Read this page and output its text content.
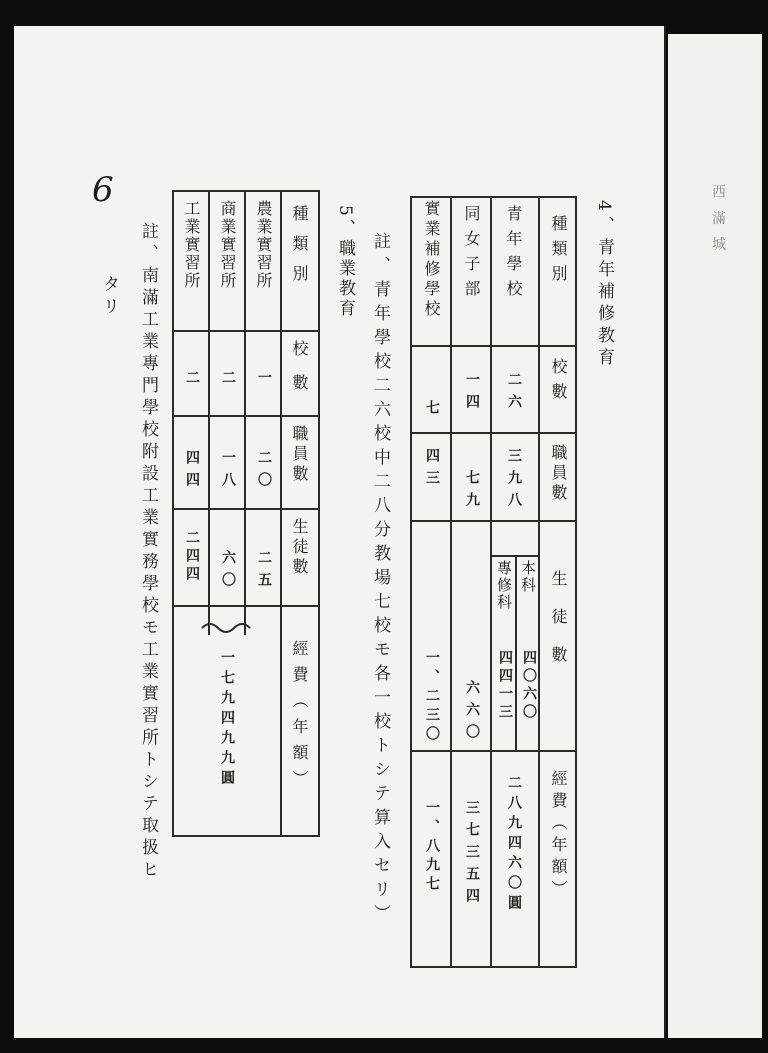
西 滿 城
6
4、青年補修教育
種類別
校數
職員數
生徒數
經費（年額）
青年學校
二六
三九八
本科
專修科
四〇六〇
四四一三
二八九四六〇圓
同女子部
一四
七九
六六〇
三七三五四
實業補修學校
七
四三
一、二三〇
一、八九七
註、青年學校二六校中二八分教場七校モ各一校トシテ算入セリ）
5、職業教育
種類別
校數
職員數
生徒數
經費（年額）
農業實習所
一
二〇
二五
商業實習所
二
一八
六〇
工業實習所
二
四四
二四四
一七九四九九圓
註、南滿工業專門學校附設工業實務學校モ工業實習所トシテ取扱ヒ
タリ
